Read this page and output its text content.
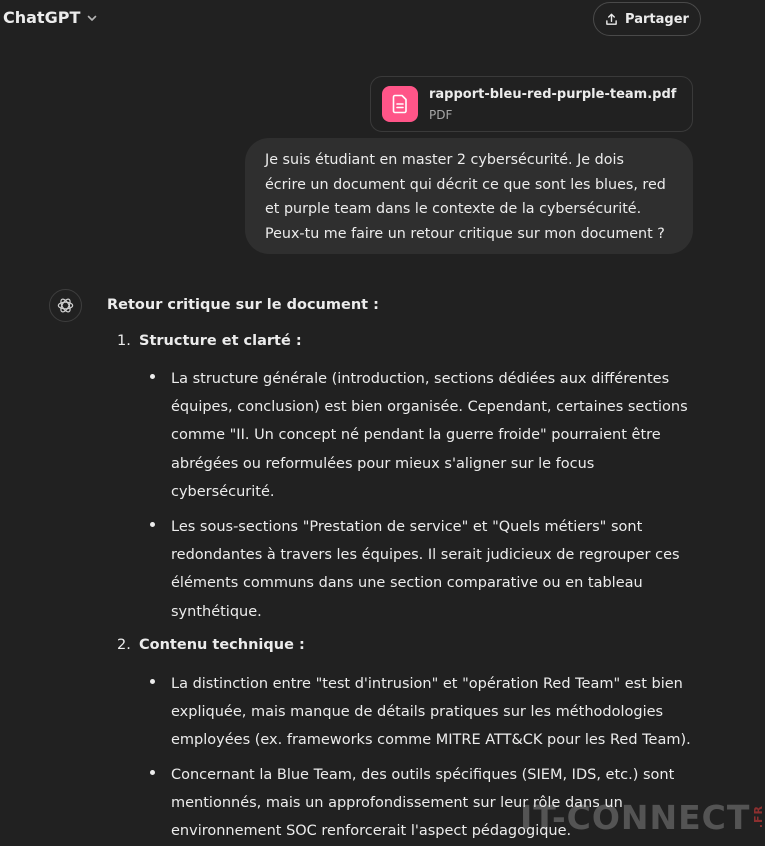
ChatGPT	Partager
rapport-bleu-red-purple-team.pdf
PDF
Je suis étudiant en master 2 cybersécurité. Je dois
écrire un document qui décrit ce que sont les blues, red
et purple team dans le contexte de la cybersécurité.
Peux-tu me faire un retour critique sur mon document ?
Retour critique sur le document :
1. Structure et clarté :
La structure générale (introduction, sections dédiées aux différentes
équipes, conclusion) est bien organisée. Cependant, certaines sections
comme "II. Un concept né pendant la guerre froide" pourraient être
abrégées ou reformulées pour mieux s'aligner sur le focus
cybersécurité.
Les sous-sections "Prestation de service" et "Quels métiers" sont
redondantes à travers les équipes. Il serait judicieux de regrouper ces
éléments communs dans une section comparative ou en tableau
synthétique.
2. Contenu technique :
La distinction entre "test d'intrusion" et "opération Red Team" est bien
expliquée, mais manque de détails pratiques sur les méthodologies
employées (ex. frameworks comme MITRE ATT&CK pour les Red Team).
Concernant la Blue Team, des outils spécifiques (SIEM, IDS, etc.) sont
mentionnés, mais un approfondissement sur leur rôle dans un
environnement SOC renforcerait l'aspect pédagogique.
IT-CONNECT .FR
